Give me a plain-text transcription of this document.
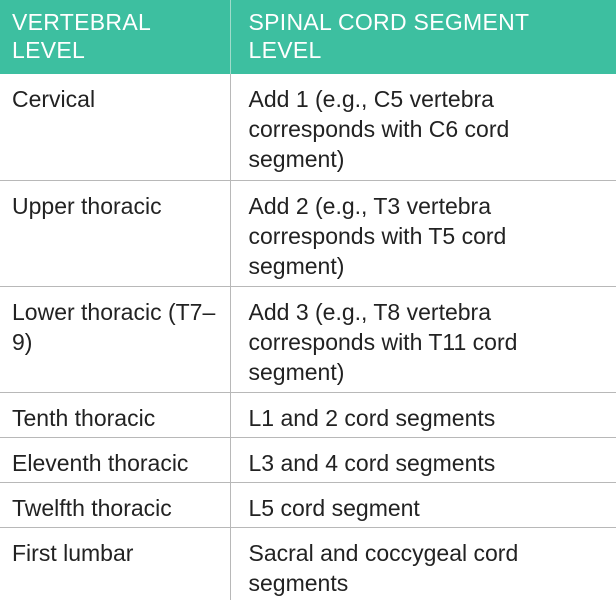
VERTEBRAL LEVEL	SPINAL CORD SEGMENT LEVEL
Cervical	Add 1 (e.g., C5 vertebra corresponds with C6 cord segment)
Upper thoracic	Add 2 (e.g., T3 vertebra corresponds with T5 cord segment)
Lower thoracic (T7–9)	Add 3 (e.g., T8 vertebra corresponds with T11 cord segment)
Tenth thoracic	L1 and 2 cord segments
Eleventh thoracic	L3 and 4 cord segments
Twelfth thoracic	L5 cord segment
First lumbar	Sacral and coccygeal cord segments
